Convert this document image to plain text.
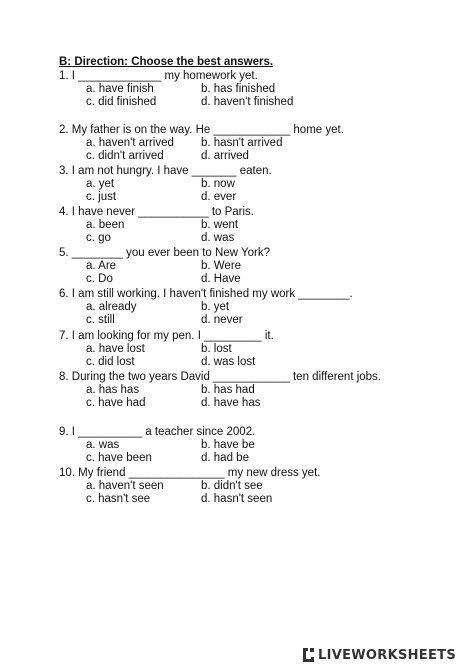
B: Direction: Choose the best answers.
1. I _____________ my homework yet.
a. have finish	b. has finished
c. did finished	d. haven't finished
2. My father is on the way. He ____________ home yet.
a. haven't arrived	b. hasn't arrived
c. didn't arrived	d. arrived
3. I am not hungry. I have _______ eaten.
a. yet	b. now
c. just	d. ever
4. I have never ___________ to Paris.
a. been	b. went
c. go	d. was
5. ________ you ever been to New York?
a. Are	b. Were
c. Do	d. Have
6. I am still working. I haven't finished my work ________.
a. already	b. yet
c. still	d. never
7. I am looking for my pen. I _________ it.
a. have lost	b. lost
c. did lost	d. was lost
8. During the two years David ____________ ten different jobs.
a. has has	b. has had
c. have had	d. have has
9. I __________ a teacher since 2002.
a. was	b. have be
c. have been	d. had be
10. My friend _______________ my new dress yet.
a. haven't seen	b. didn't see
c. hasn't see	d. hasn't seen
LIVEWORKSHEETS
